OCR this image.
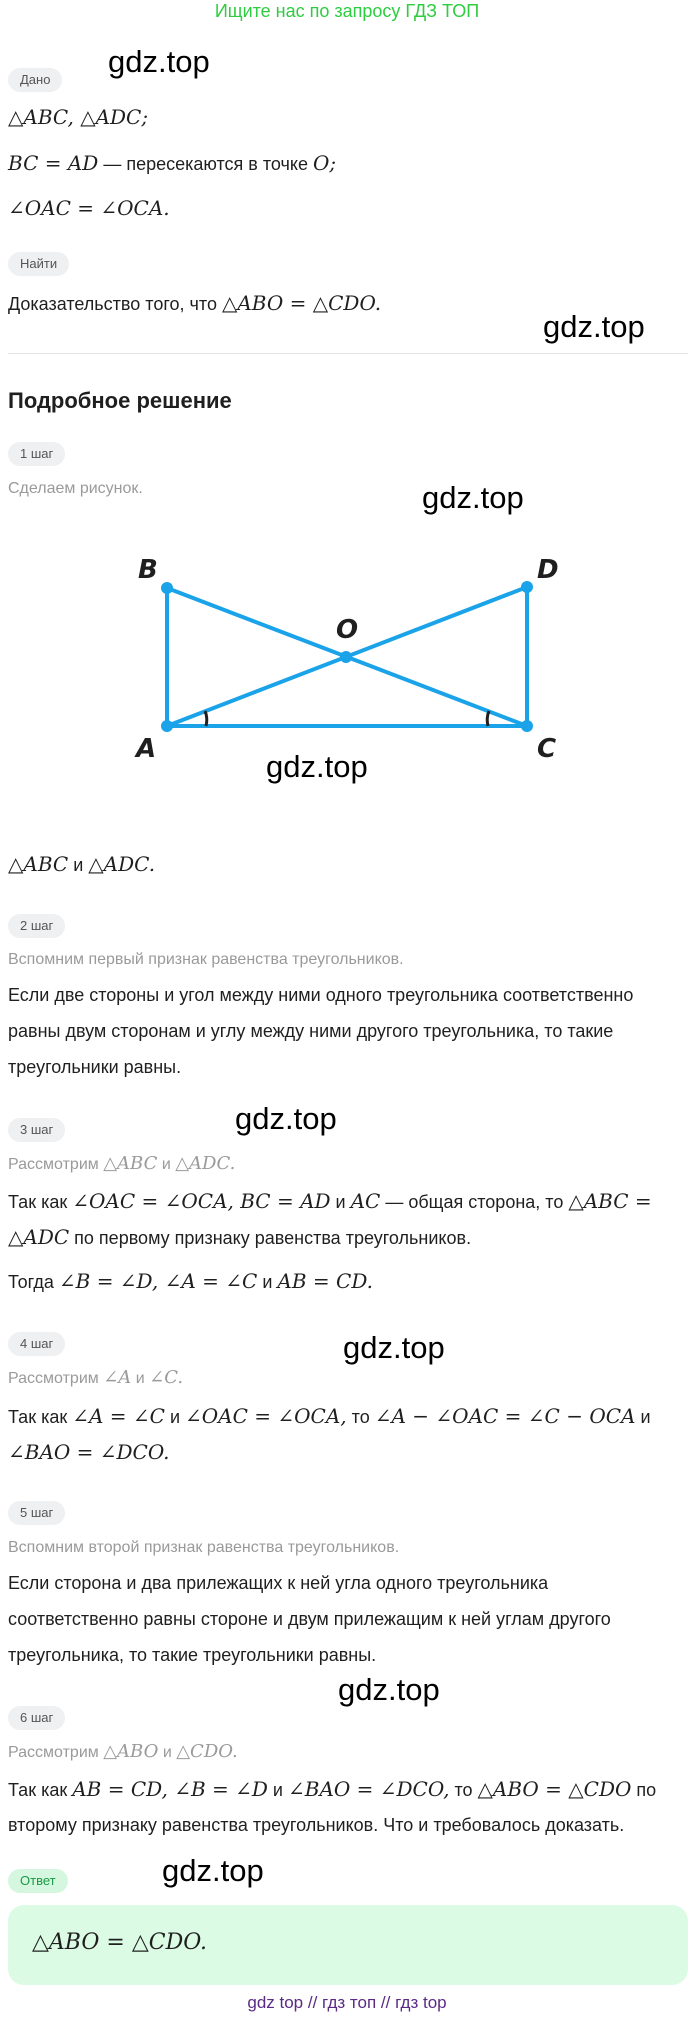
Ищите нас по запросу ГДЗ ТОП
gdz.top
gdz.top
gdz.top
gdz.top
gdz.top
gdz.top
gdz.top
gdz.top
Дано
△ABC, △ADC;
BC = AD — пересекаются в точке O;
∠OAC = ∠OCA.
Найти
Доказательство того, что △ABO = △CDO.
Подробное решение
1 шаг
Сделаем рисунок.
B	D
O
A	C
△ABC и △ADC.
2 шаг
Вспомним первый признак равенства треугольников.
Если две стороны и угол между ними одного треугольника соответственно
равны двум сторонам и углу между ними другого треугольника, то такие
треугольники равны.
3 шаг
Рассмотрим △ABC и △ADC.
Так как ∠OAC = ∠OCA, BC = AD и AC — общая сторона, то △ABC =
△ADC по первому признаку равенства треугольников.
Тогда ∠B = ∠D, ∠A = ∠C и AB = CD.
4 шаг
Рассмотрим ∠A и ∠C.
Так как ∠A = ∠C и ∠OAC = ∠OCA, то ∠A − ∠OAC = ∠C − OCA и
∠BAO = ∠DCO.
5 шаг
Вспомним второй признак равенства треугольников.
Если сторона и два прилежащих к ней угла одного треугольника
соответственно равны стороне и двум прилежащим к ней углам другого
треугольника, то такие треугольники равны.
6 шаг
Рассмотрим △ABO и △CDO.
Так как AB = CD, ∠B = ∠D и ∠BAO = ∠DCO, то △ABO = △CDO по
второму признаку равенства треугольников. Что и требовалось доказать.
Ответ
△ABO = △CDO.
gdz top // гдз топ // гдз top
